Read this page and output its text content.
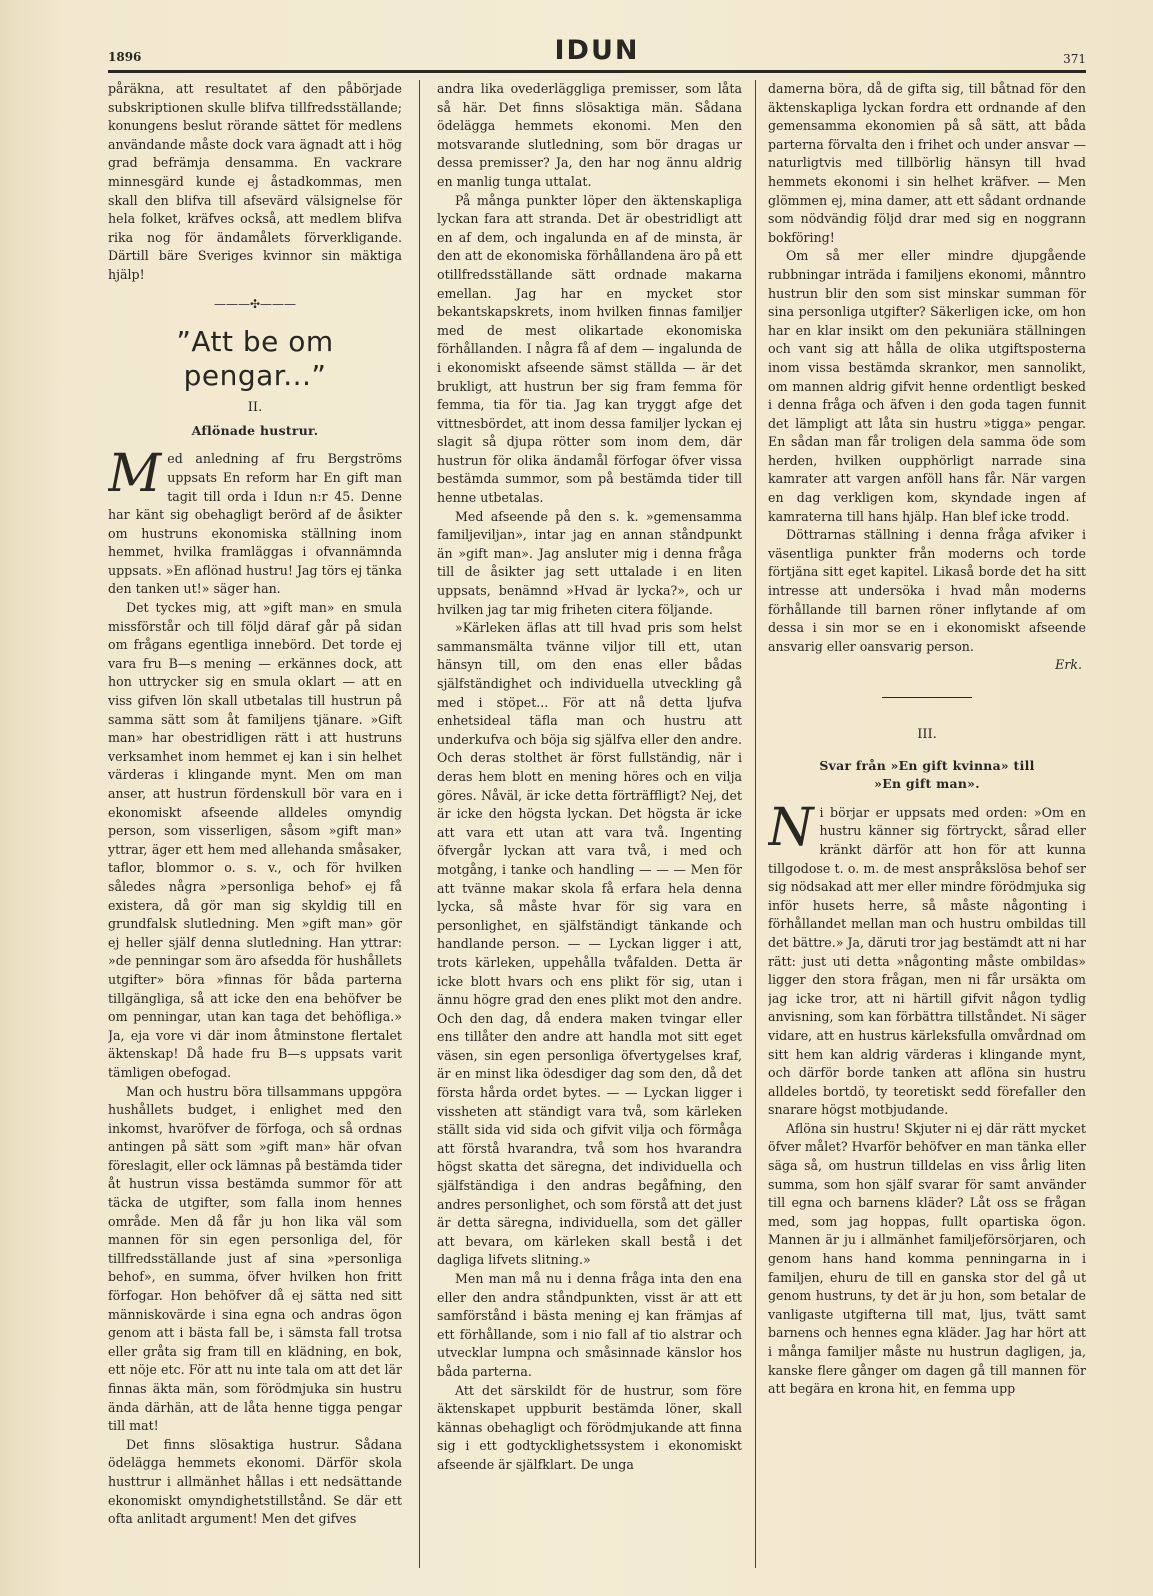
1896	IDUN	371

påräkna, att resultatet af den påbörjade subskriptionen skulle blifva tillfredsställande; konungens beslut rörande sättet för medlens användande måste dock vara ägnadt att i hög grad befrämja densamma. En vackrare minnesgärd kunde ej åstadkommas, men skall den blifva till afsevärd välsignelse för hela folket, kräfves också, att medlem blifva rika nog för ändamålets förverkligande. Därtill bäre Sveriges kvinnor sin mäktiga hjälp!

———✣———
”Att be om pengar...”
II.
Aflönade hustrur.
M ed anledning af fru Bergströms uppsats En reform har En gift man tagit till orda i Idun n:r 45. Denne har känt sig obehagligt berörd af de åsikter om hustruns ekonomiska ställning inom hemmet, hvilka framläggas i ofvannämnda uppsats. »En aflönad hustru! Jag törs ej tänka den tanken ut!» säger han.

Det tyckes mig, att »gift man» en smula missförstår och till följd däraf går på sidan om frågans egentliga innebörd. Det torde ej vara fru B—s mening — erkännes dock, att hon uttrycker sig en smula oklart — att en viss gifven lön skall utbetalas till hustrun på samma sätt som åt familjens tjänare. »Gift man» har obestridligen rätt i att hustruns verksamhet inom hemmet ej kan i sin helhet värderas i klingande mynt. Men om man anser, att hustrun fördenskull bör vara en i ekonomiskt afseende alldeles omyndig person, som visserligen, såsom »gift man» yttrar, äger ett hem med allehanda småsaker, taflor, blommor o. s. v., och för hvilken således några »personliga behof» ej få existera, då gör man sig skyldig till en grundfalsk slutledning. Men »gift man» gör ej heller själf denna slutledning. Han yttrar: »de penningar som äro afsedda för hushållets utgifter» böra »finnas för båda parterna tillgängliga, så att icke den ena behöfver be om penningar, utan kan taga det behöfliga.» Ja, eja vore vi där inom åtminstone flertalet äktenskap! Då hade fru B—s uppsats varit tämligen obefogad.

Man och hustru böra tillsammans uppgöra hushållets budget, i enlighet med den inkomst, hvaröfver de förfoga, och så ordnas antingen på sätt som »gift man» här ofvan föreslagit, eller ock lämnas på bestämda tider åt hustrun vissa bestämda summor för att täcka de utgifter, som falla inom hennes område. Men då får ju hon lika väl som mannen för sin egen personliga del, för tillfredsställande just af sina »personliga behof», en summa, öfver hvilken hon fritt förfogar. Hon behöfver då ej sätta ned sitt människovärde i sina egna och andras ögon genom att i bästa fall be, i sämsta fall trotsa eller gråta sig fram till en klädning, en bok, ett nöje etc. För att nu inte tala om att det lär finnas äkta män, som förödmjuka sin hustru ända därhän, att de låta henne tigga pengar till mat!

Det finns slösaktiga hustrur. Sådana ödelägga hemmets ekonomi. Därför skola husttrur i allmänhet hållas i ett nedsättande ekonomiskt omyndighetstillstånd. Se där ett ofta anlitadt argument! Men det gifves

andra lika ovederläggliga premisser, som låta så här. Det finns slösaktiga män. Sådana ödelägga hemmets ekonomi. Men den motsvarande slutledning, som bör dragas ur dessa premisser? Ja, den har nog ännu aldrig en manlig tunga uttalat.

På många punkter löper den äktenskapliga lyckan fara att stranda. Det är obestridligt att en af dem, och ingalunda en af de minsta, är den att de ekonomiska förhållandena äro på ett otillfredsställande sätt ordnade makarna emellan. Jag har en mycket stor bekantskapskrets, inom hvilken finnas familjer med de mest olikartade ekonomiska förhållanden. I några få af dem — ingalunda de i ekonomiskt afseende sämst ställda — är det brukligt, att hustrun ber sig fram femma för femma, tia för tia. Jag kan tryggt afge det vittnesbördet, att inom dessa familjer lyckan ej slagit så djupa rötter som inom dem, där hustrun för olika ändamål förfogar öfver vissa bestämda summor, som på bestämda tider till henne utbetalas.

Med afseende på den s. k. »gemensamma familjeviljan», intar jag en annan ståndpunkt än »gift man». Jag ansluter mig i denna fråga till de åsikter jag sett uttalade i en liten uppsats, benämnd »Hvad är lycka?», och ur hvilken jag tar mig friheten citera följande.

»Kärleken äflas att till hvad pris som helst sammansmälta tvänne viljor till ett, utan hänsyn till, om den enas eller bådas själfständighet och individuella utveckling gå med i stöpet... För att nå detta ljufva enhetsideal täfla man och hustru att underkufva och böja sig själfva eller den andre. Och deras stolthet är först fullständig, när i deras hem blott en mening höres och en vilja göres. Nåväl, är icke detta förträffligt? Nej, det är icke den högsta lyckan. Det högsta är icke att vara ett utan att vara två. Ingenting öfvergår lyckan att vara två, i med och motgång, i tanke och handling — — — Men för att tvänne makar skola få erfara hela denna lycka, så måste hvar för sig vara en personlighet, en själfständigt tänkande och handlande person. — — Lyckan ligger i att, trots kärleken, uppehålla tvåfalden. Detta är icke blott hvars och ens plikt för sig, utan i ännu högre grad den enes plikt mot den andre. Och den dag, då endera maken tvingar eller ens tillåter den andre att handla mot sitt eget väsen, sin egen personliga öfvertygelses kraf, är en minst lika ödesdiger dag som den, då det första hårda ordet bytes. — — Lyckan ligger i vissheten att ständigt vara två, som kärleken ställt sida vid sida och gifvit vilja och förmåga att förstå hvarandra, två som hos hvarandra högst skatta det säregna, det individuella och själfständiga i den andras begåfning, den andres personlighet, och som förstå att det just är detta säregna, individuella, som det gäller att bevara, om kärleken skall bestå i det dagliga lifvets slitning.»

Men man må nu i denna fråga inta den ena eller den andra ståndpunkten, visst är att ett samförstånd i bästa mening ej kan främjas af ett förhållande, som i nio fall af tio alstrar och utvecklar lumpna och småsinnade känslor hos båda parterna.

Att det särskildt för de hustrur, som före äktenskapet uppburit bestämda löner, skall kännas obehagligt och förödmjukande att finna sig i ett godtycklighetssystem i ekonomiskt afseende är själfklart. De unga

damerna böra, då de gifta sig, till båtnad för den äktenskapliga lyckan fordra ett ordnande af den gemensamma ekonomien på så sätt, att båda parterna förvalta den i frihet och under ansvar — naturligtvis med tillbörlig hänsyn till hvad hemmets ekonomi i sin helhet kräfver. — Men glömmen ej, mina damer, att ett sådant ordnande som nödvändig följd drar med sig en noggrann bokföring!

Om så mer eller mindre djupgående rubbningar inträda i familjens ekonomi, månntro hustrun blir den som sist minskar summan för sina personliga utgifter? Säkerligen icke, om hon har en klar insikt om den pekuniära ställningen och vant sig att hålla de olika utgiftsposterna inom vissa bestämda skrankor, men sannolikt, om mannen aldrig gifvit henne ordentligt besked i denna fråga och äfven i den goda tagen funnit det lämpligt att låta sin hustru »tigga» pengar. En sådan man får troligen dela samma öde som herden, hvilken oupphörligt narrade sina kamrater att vargen anföll hans får. När vargen en dag verkligen kom, skyndade ingen af kamraterna till hans hjälp. Han blef icke trodd.

Döttrarnas ställning i denna fråga afviker i väsentliga punkter från moderns och torde förtjäna sitt eget kapitel. Likaså borde det ha sitt intresse att undersöka i hvad mån moderns förhållande till barnen röner inflytande af om dessa i sin mor se en i ekonomiskt afseende ansvarig eller oansvarig person.

Erk.
III.
Svar från »En gift kvinna» till
»En gift man».
N i börjar er uppsats med orden: »Om en hustru känner sig förtryckt, sårad eller kränkt därför att hon för att kunna tillgodose t. o. m. de mest anspråkslösa behof ser sig nödsakad att mer eller mindre förödmjuka sig inför husets herre, så måste någonting i förhållandet mellan man och hustru ombildas till det bättre.» Ja, däruti tror jag bestämdt att ni har rätt: just uti detta »någonting måste ombildas» ligger den stora frågan, men ni får ursäkta om jag icke tror, att ni härtill gifvit någon tydlig anvisning, som kan förbättra tillståndet. Ni säger vidare, att en hustrus kärleksfulla omvårdnad om sitt hem kan aldrig värderas i klingande mynt, och därför borde tanken att aflöna sin hustru alldeles bortdö, ty teoretiskt sedd förefaller den snarare högst motbjudande.

Aflöna sin hustru! Skjuter ni ej där rätt mycket öfver målet? Hvarför behöfver en man tänka eller säga så, om hustrun tilldelas en viss årlig liten summa, som hon själf svarar för samt använder till egna och barnens kläder? Låt oss se frågan med, som jag hoppas, fullt opartiska ögon. Mannen är ju i allmänhet familjeförsörjaren, och genom hans hand komma penningarna in i familjen, ehuru de till en ganska stor del gå ut genom hustruns, ty det är ju hon, som betalar de vanligaste utgifterna till mat, ljus, tvätt samt barnens och hennes egna kläder. Jag har hört att i många familjer måste nu hustrun dagligen, ja, kanske flere gånger om dagen gå till mannen för att begära en krona hit, en femma upp
